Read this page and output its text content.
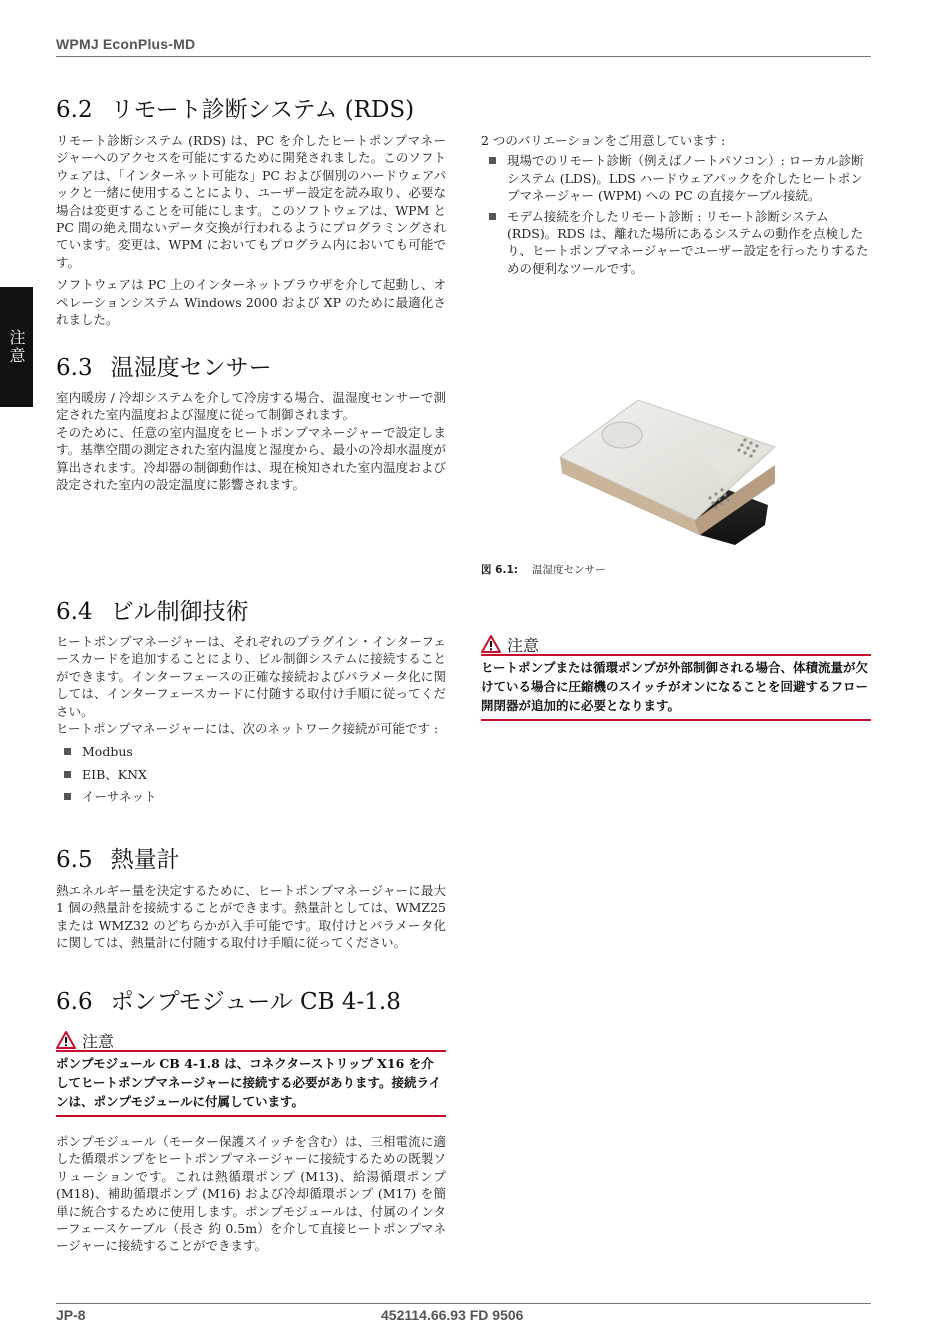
WPMJ EconPlus-MD
注意
6.2 リモート診断システム (RDS)

リモート診断システム (RDS) は、PC を介したヒートポンプマネージャーへのアクセスを可能にするために開発されました。このソフトウェアは、「インターネット可能な」PC および個別のハードウェアパックと一緒に使用することにより、ユーザー設定を読み取り、必要な場合は変更することを可能にします。このソフトウェアは、WPM と PC 間の絶え間ないデータ交換が行われるようにプログラミングされています。変更は、WPM においてもプログラム内においても可能です。

ソフトウェアは PC 上のインターネットブラウザを介して起動し、オペレーションシステム Windows 2000 および XP のために最適化されました。

2 つのバリエーションをご用意しています :

現場でのリモート診断（例えばノートパソコン）: ローカル診断システム (LDS)。LDS ハードウェアパックを介したヒートポンプマネージャー (WPM) への PC の直接ケーブル接続。
モデム接続を介したリモート診断 : リモート診断システム (RDS)。RDS は、離れた場所にあるシステムの動作を点検したり、ヒートポンプマネージャーでユーザー設定を行ったりするための便利なツールです。
6.3 温湿度センサー

室内暖房 / 冷却システムを介して冷房する場合、温湿度センサーで測定された室内温度および湿度に従って制御されます。

そのために、任意の室内温度をヒートポンプマネージャーで設定します。基準空間の測定された室内温度と湿度から、最小の冷却水温度が算出されます。冷却器の制御動作は、現在検知された室内温度および設定された室内の設定温度に影響されます。

図 6.1: 温湿度センサー
6.4 ビル制御技術

ヒートポンプマネージャーは、それぞれのプラグイン・インターフェースカードを追加することにより、ビル制御システムに接続することができます。インターフェースの正確な接続およびパラメータ化に関しては、インターフェースカードに付随する取付け手順に従ってください。

ヒートポンプマネージャーには、次のネットワーク接続が可能です :

Modbus
EIB、KNX
イーサネット
注意
ヒートポンプまたは循環ポンプが外部制御される場合、体積流量が欠けている場合に圧縮機のスイッチがオンになることを回避するフロー開閉器が追加的に必要となります。
6.5 熱量計

熱エネルギー量を決定するために、ヒートポンプマネージャーに最大 1 個の熱量計を接続することができます。熱量計としては、WMZ25 または WMZ32 のどちらかが入手可能です。取付けとパラメータ化に関しては、熱量計に付随する取付け手順に従ってください。

6.6 ポンプモジュール CB 4-1.8
注意
ポンプモジュール CB 4-1.8 は、コネクターストリップ X16 を介してヒートポンプマネージャーに接続する必要があります。接続ラインは、ポンプモジュールに付属しています。

ポンプモジュール（モーター保護スイッチを含む）は、三相電流に適した循環ポンプをヒートポンプマネージャーに接続するための既製ソリューションです。これは熱循環ポンプ (M13)、給湯循環ポンプ (M18)、補助循環ポンプ (M16) および冷却循環ポンプ (M17) を簡単に統合するために使用します。ポンプモジュールは、付属のインターフェースケーブル（長さ 約 0.5m）を介して直接ヒートポンプマネージャーに接続することができます。

JP-8	452114.66.93 FD 9506
